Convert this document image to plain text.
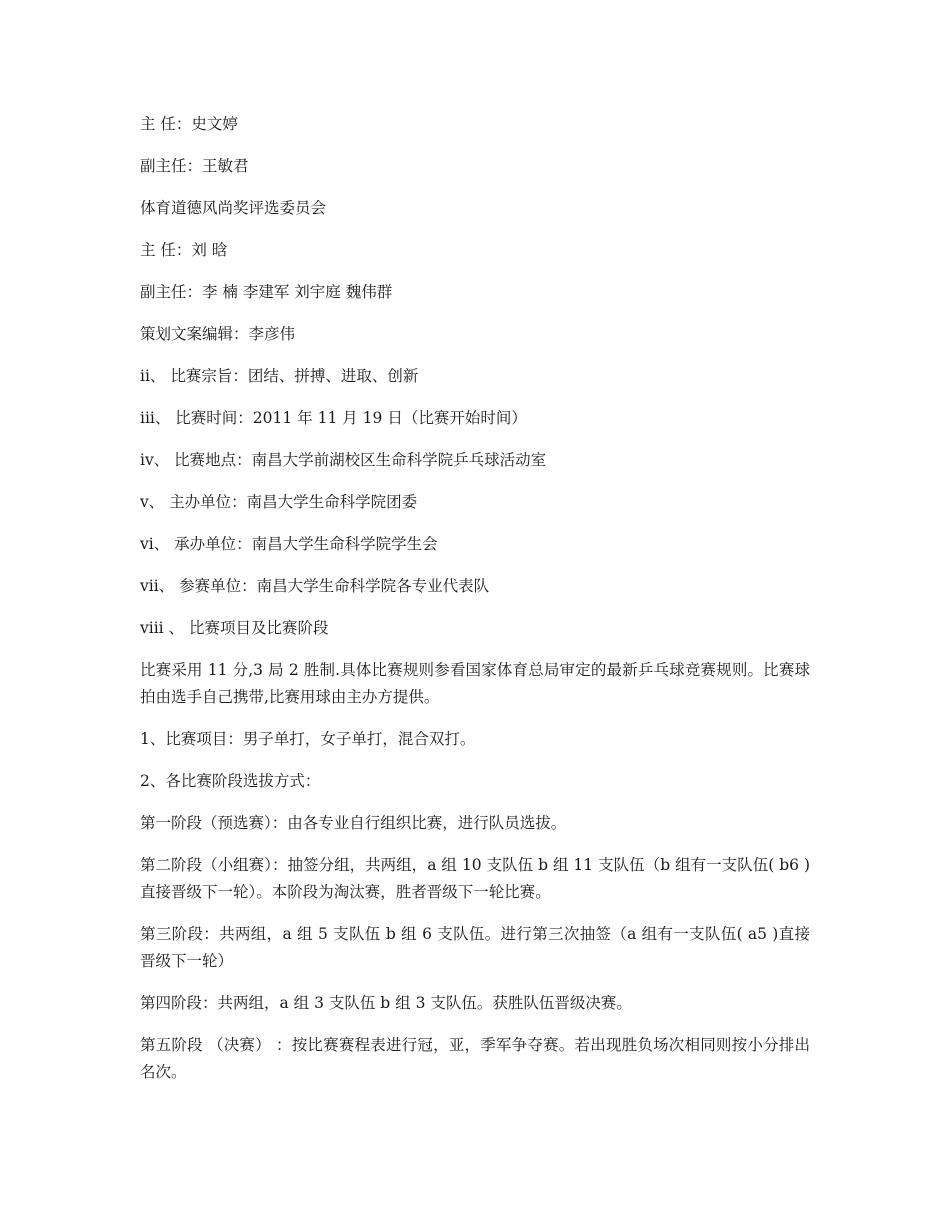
主 任：史文婷
副主任：王敏君
体育道德风尚奖评选委员会
主 任：刘 晗
副主任：李 楠 李建军 刘宇庭 魏伟群
策划文案编辑：李彦伟
ii、 比赛宗旨：团结、拼搏、进取、创新
iii、 比赛时间：2011 年 11 月 19 日（比赛开始时间）
iv、 比赛地点：南昌大学前湖校区生命科学院乒乓球活动室
v、 主办单位：南昌大学生命科学院团委
vi、 承办单位：南昌大学生命科学院学生会
vii、 参赛单位：南昌大学生命科学院各专业代表队
viii 、 比赛项目及比赛阶段
比赛采用 11 分,3 局 2 胜制.具体比赛规则参看国家体育总局审定的最新乒乓球竞赛规则。比赛球拍由选手自己携带,比赛用球由主办方提供。
1、比赛项目：男子单打，女子单打，混合双打。
2、各比赛阶段选拔方式：
第一阶段（预选赛）：由各专业自行组织比赛，进行队员选拔。
第二阶段（小组赛）：抽签分组，共两组，a 组 10 支队伍 b 组 11 支队伍（b 组有一支队伍( b6 )直接晋级下一轮）。本阶段为淘汰赛，胜者晋级下一轮比赛。
第三阶段：共两组，a 组 5 支队伍 b 组 6 支队伍。进行第三次抽签（a 组有一支队伍( a5 )直接晋级下一轮）
第四阶段：共两组，a 组 3 支队伍 b 组 3 支队伍。获胜队伍晋级决赛。
第五阶段 （决赛） ：按比赛赛程表进行冠，亚，季军争夺赛。若出现胜负场次相同则按小分排出名次。
